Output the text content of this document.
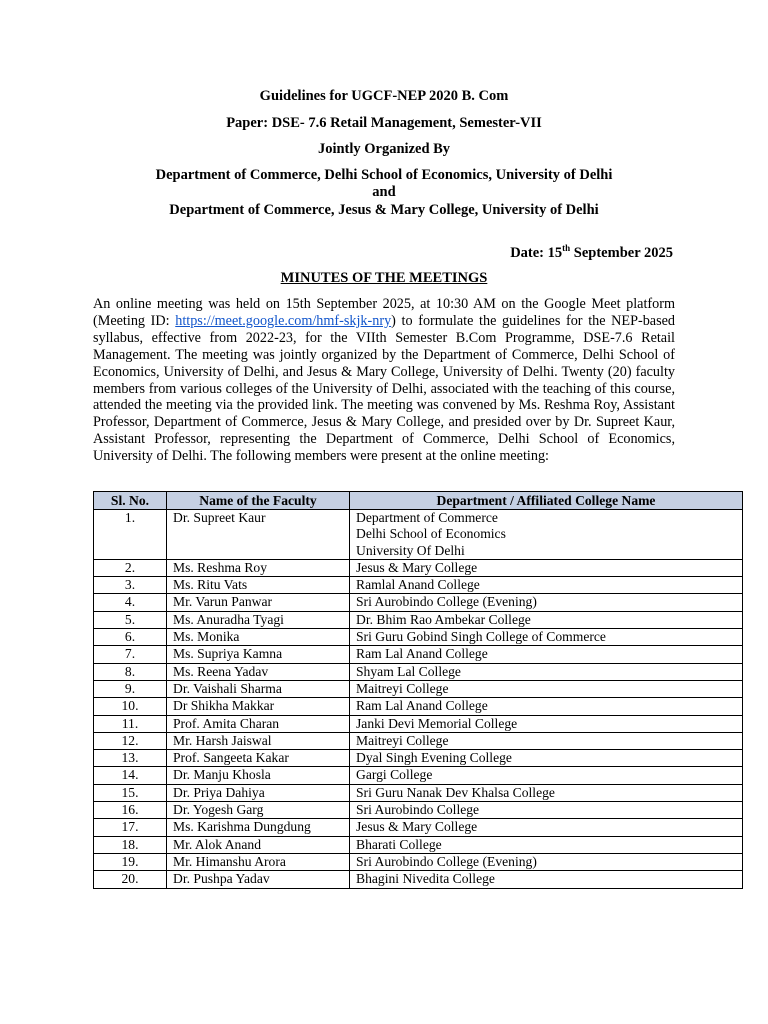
Guidelines for UGCF-NEP 2020 B. Com
Paper: DSE- 7.6 Retail Management, Semester-VII
Jointly Organized By
Department of Commerce, Delhi School of Economics, University of Delhi
and
Department of Commerce, Jesus & Mary College, University of Delhi
Date: 15th September 2025
MINUTES OF THE MEETINGS
An online meeting was held on 15th September 2025, at 10:30 AM on the Google Meet platform (Meeting ID: https://meet.google.com/hmf-skjk-nry) to formulate the guidelines for the NEP-based syllabus, effective from 2022-23, for the VIIth Semester B.Com Programme, DSE-7.6 Retail Management. The meeting was jointly organized by the Department of Commerce, Delhi School of Economics, University of Delhi, and Jesus & Mary College, University of Delhi. Twenty (20) faculty members from various colleges of the University of Delhi, associated with the teaching of this course, attended the meeting via the provided link. The meeting was convened by Ms. Reshma Roy, Assistant Professor, Department of Commerce, Jesus & Mary College, and presided over by Dr. Supreet Kaur, Assistant Professor, representing the Department of Commerce, Delhi School of Economics, University of Delhi. The following members were present at the online meeting:
Sl. No.	Name of the Faculty	Department / Affiliated College Name
1.	Dr. Supreet Kaur	Department of Commerce
Delhi School of Economics
University Of Delhi

2.	Ms. Reshma Roy	Jesus & Mary College
3.	Ms. Ritu Vats	Ramlal Anand College
4.	Mr. Varun Panwar	Sri Aurobindo College (Evening)
5.	Ms. Anuradha Tyagi	Dr. Bhim Rao Ambekar College
6.	Ms. Monika	Sri Guru Gobind Singh College of Commerce
7.	Ms. Supriya Kamna	Ram Lal Anand College
8.	Ms. Reena Yadav	Shyam Lal College
9.	Dr. Vaishali Sharma	Maitreyi College
10.	Dr Shikha Makkar	Ram Lal Anand College
11.	Prof. Amita Charan	Janki Devi Memorial College
12.	Mr. Harsh Jaiswal	Maitreyi College
13.	Prof. Sangeeta Kakar	Dyal Singh Evening College
14.	Dr. Manju Khosla	Gargi College
15.	Dr. Priya Dahiya	Sri Guru Nanak Dev Khalsa College
16.	Dr. Yogesh Garg	Sri Aurobindo College
17.	Ms. Karishma Dungdung	Jesus & Mary College
18.	Mr. Alok Anand	Bharati College
19.	Mr. Himanshu Arora	Sri Aurobindo College (Evening)
20.	Dr. Pushpa Yadav	Bhagini Nivedita College
